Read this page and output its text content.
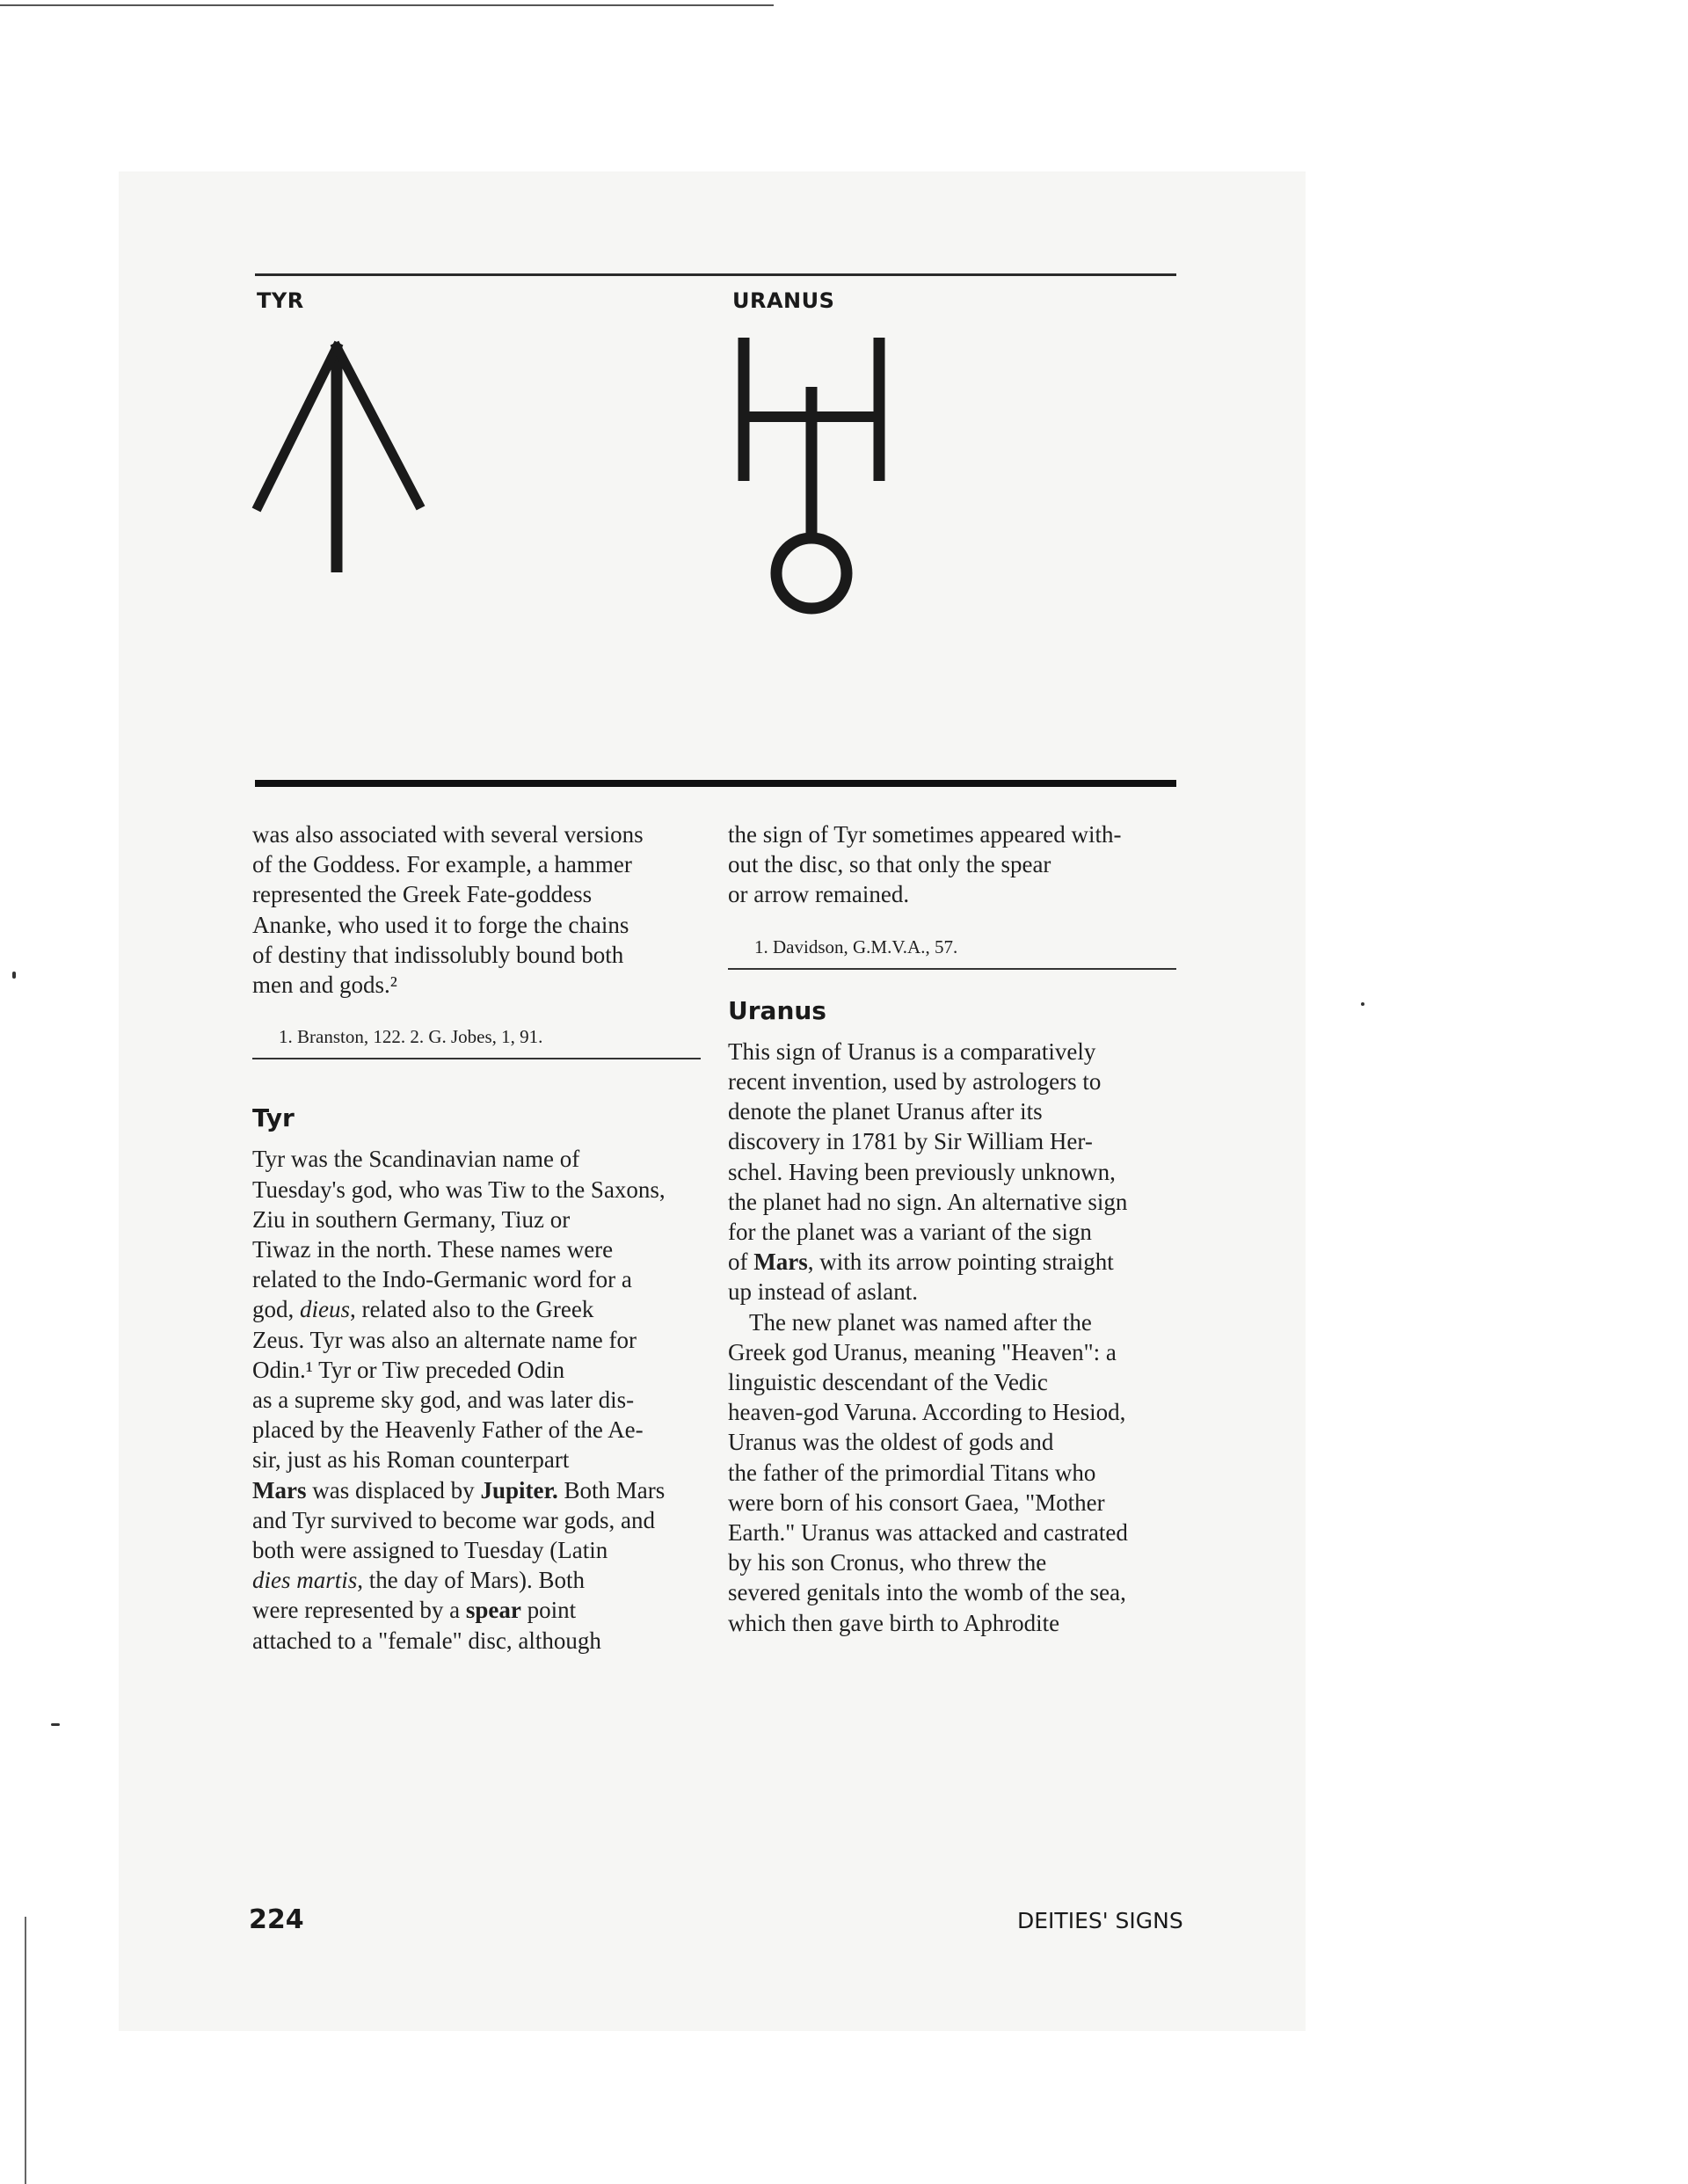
TYR	URANUS

was also associated with several versions
of the Goddess. For example, a hammer
represented the Greek Fate-goddess
Ananke, who used it to forge the chains
of destiny that indissolubly bound both
men and gods.²

1. Branston, 122. 2. G. Jobes, 1, 91.
Tyr

Tyr was the Scandinavian name of
Tuesday's god, who was Tiw to the Saxons,
Ziu in southern Germany, Tiuz or
Tiwaz in the north. These names were
related to the Indo-Germanic word for a
god, dieus, related also to the Greek
Zeus. Tyr was also an alternate name for
Odin.¹ Tyr or Tiw preceded Odin
as a supreme sky god, and was later dis-
placed by the Heavenly Father of the Ae-
sir, just as his Roman counterpart
Mars was displaced by Jupiter. Both Mars
and Tyr survived to become war gods, and
both were assigned to Tuesday (Latin
dies martis, the day of Mars). Both
were represented by a spear point
attached to a "female" disc, although

the sign of Tyr sometimes appeared with-
out the disc, so that only the spear
or arrow remained.

1. Davidson, G.M.V.A., 57.
Uranus

This sign of Uranus is a comparatively
recent invention, used by astrologers to
denote the planet Uranus after its
discovery in 1781 by Sir William Her-
schel. Having been previously unknown,
the planet had no sign. An alternative sign
for the planet was a variant of the sign
of Mars, with its arrow pointing straight
up instead of aslant.

The new planet was named after the
Greek god Uranus, meaning "Heaven": a
linguistic descendant of the Vedic
heaven-god Varuna. According to Hesiod,
Uranus was the oldest of gods and
the father of the primordial Titans who
were born of his consort Gaea, "Mother
Earth." Uranus was attacked and castrated
by his son Cronus, who threw the
severed genitals into the womb of the sea,
which then gave birth to Aphrodite

224	DEITIES' SIGNS
